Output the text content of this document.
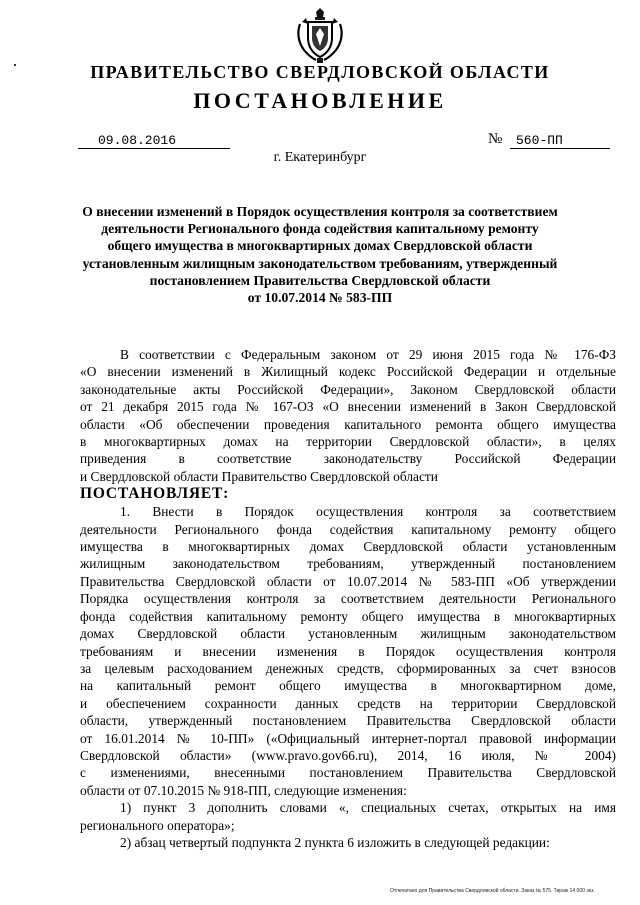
ПРАВИТЕЛЬСТВО СВЕРДЛОВСКОЙ ОБЛАСТИ
ПОСТАНОВЛЕНИЕ
09.08.2016	№	560-ПП
г. Екатеринбург
О внесении изменений в Порядок осуществления контроля за соответствием
деятельности Регионального фонда содействия капитальному ремонту
общего имущества в многоквартирных домах Свердловской области
установленным жилищным законодательством требованиям, утвержденный
постановлением Правительства Свердловской области
от 10.07.2014 № 583-ПП
В соответствии с Федеральным законом от 29 июня 2015 года № 176-ФЗ
«О внесении изменений в Жилищный кодекс Российской Федерации и отдельные
законодательные акты Российской Федерации», Законом Свердловской области
от 21 декабря 2015 года № 167-ОЗ «О внесении изменений в Закон Свердловской
области «Об обеспечении проведения капитального ремонта общего имущества
в многоквартирных домах на территории Свердловской области», в целях
приведения в соответствие законодательству Российской Федерации
и Свердловской области Правительство Свердловской области
ПОСТАНОВЛЯЕТ:
1. Внести в Порядок осуществления контроля за соответствием
деятельности Регионального фонда содействия капитальному ремонту общего
имущества в многоквартирных домах Свердловской области установленным
жилищным законодательством требованиям, утвержденный постановлением
Правительства Свердловской области от 10.07.2014 № 583-ПП «Об утверждении
Порядка осуществления контроля за соответствием деятельности Регионального
фонда содействия капитальному ремонту общего имущества в многоквартирных
домах Свердловской области установленным жилищным законодательством
требованиям и внесении изменения в Порядок осуществления контроля
за целевым расходованием денежных средств, сформированных за счет взносов
на капитальный ремонт общего имущества в многоквартирном доме,
и обеспечением сохранности данных средств на территории Свердловской
области, утвержденный постановлением Правительства Свердловской области
от 16.01.2014 № 10-ПП» («Официальный интернет-портал правовой информации
Свердловской области» (www.pravo.gov66.ru), 2014, 16 июля, № 2004)
с изменениями, внесенными постановлением Правительства Свердловской
области от 07.10.2015 № 918-ПП, следующие изменения:
1) пункт 3 дополнить словами «, специальных счетах, открытых на имя
регионального оператора»;
2) абзац четвертый подпункта 2 пункта 6 изложить в следующей редакции:
Отпечатано для Правительства Свердловской области. Заказ № 575. Тираж 14 000 экз.
